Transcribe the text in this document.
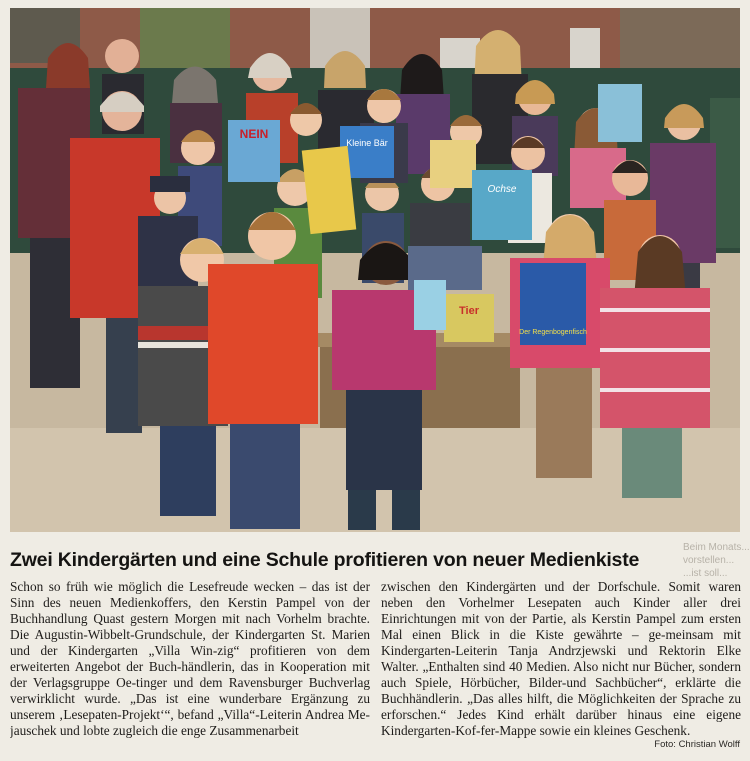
NEIN
Kleine Bär
Ochse
Der Regenbogenfisch
Tier
Beim Monats... vorstellen... ...ist soll...
Zwei Kindergärten und eine Schule profitieren von neuer Medienkiste
Schon so früh wie möglich die Lesefreude wecken – das ist der Sinn des neuen Medienkoffers, den Kerstin Pampel von der Buchhandlung Quast gestern Morgen mit nach Vorhelm brachte. Die Augustin-Wibbelt-Grundschule, der Kindergarten St. Marien und der Kindergarten „Villa Win-zig“ profitieren von dem erweiterten Angebot der Buch-händlerin, das in Kooperation mit der Verlagsgruppe Oe-tinger und dem Ravensburger Buchverlag verwirklicht wurde. „Das ist eine wunderbare Ergänzung zu unserem ‚Lesepaten-Projekt‘“, befand „Villa“-Leiterin Andrea Me-jauschek und lobte zugleich die enge Zusammenarbeit
zwischen den Kindergärten und der Dorfschule. Somit waren neben den Vorhelmer Lesepaten auch Kinder aller drei Einrichtungen mit von der Partie, als Kerstin Pampel zum ersten Mal einen Blick in die Kiste gewährte – ge-meinsam mit Kindergarten-Leiterin Tanja Andrzjewski und Rektorin Elke Walter. „Enthalten sind 40 Medien. Also nicht nur Bücher, sondern auch Spiele, Hörbücher, Bilder-und Sachbücher“, erklärte die Buchhändlerin. „Das alles hilft, die Möglichkeiten der Sprache zu erforschen.“ Jedes Kind erhält darüber hinaus eine eigene Kindergarten-Kof-fer-Mappe sowie ein kleines Geschenk.
Foto: Christian Wolff
